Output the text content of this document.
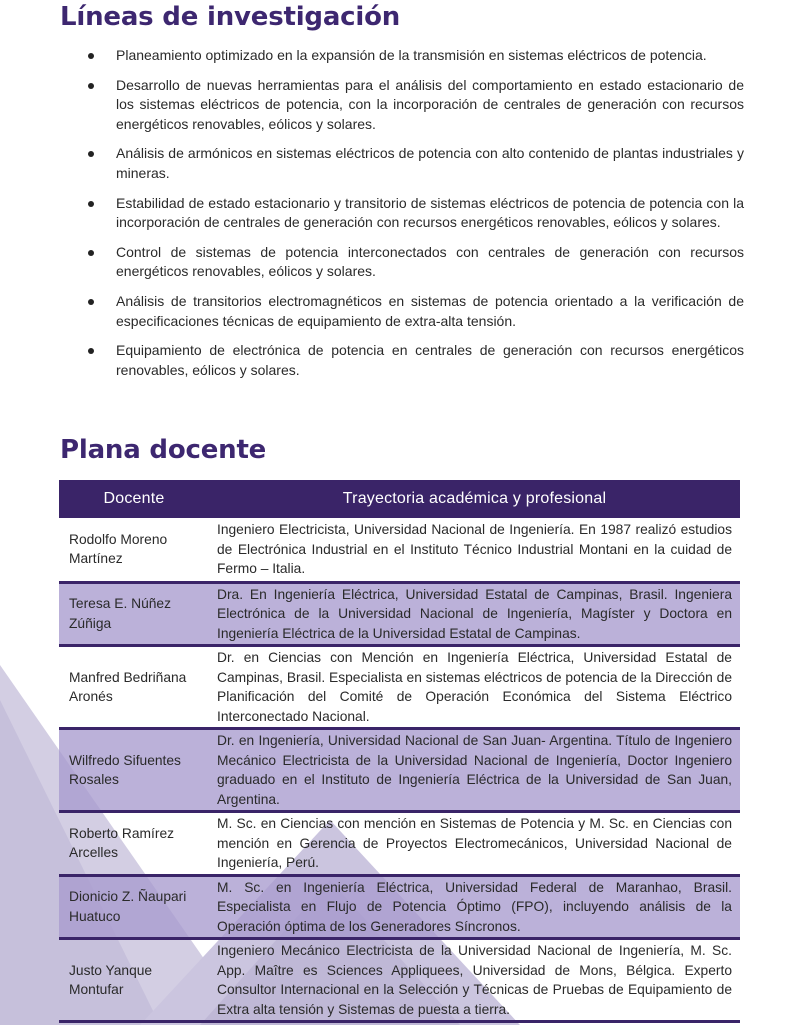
Líneas de investigación
Planeamiento optimizado en la expansión de la transmisión en sistemas eléctricos de potencia.
Desarrollo de nuevas herramientas para el análisis del comportamiento en estado estacionario de los sistemas eléctricos de potencia, con la incorporación de centrales de generación con recursos energéticos renovables, eólicos y solares.
Análisis de armónicos en sistemas eléctricos de potencia con alto contenido de plantas industriales y mineras.
Estabilidad de estado estacionario y transitorio de sistemas eléctricos de potencia de potencia con la incorporación de centrales de generación con recursos energéticos renovables, eólicos y solares.
Control de sistemas de potencia interconectados con centrales de generación con recursos energéticos renovables, eólicos y solares.
Análisis de transitorios electromagnéticos en sistemas de potencia orientado a la verificación de especificaciones técnicas de equipamiento de extra-alta tensión.
Equipamiento de electrónica de potencia en centrales de generación con recursos energéticos renovables, eólicos y solares.
Plana docente
Docente	Trayectoria académica y profesional
Rodolfo Moreno Martínez	Ingeniero Electricista, Universidad Nacional de Ingeniería. En 1987 realizó estudios de Electrónica Industrial en el Instituto Técnico Industrial Montani en la cuidad de Fermo – Italia.
Teresa E. Núñez Zúñiga	Dra. En Ingeniería Eléctrica, Universidad Estatal de Campinas, Brasil. Ingeniera Electrónica de la Universidad Nacional de Ingeniería, Magíster y Doctora en Ingeniería Eléctrica de la Universidad Estatal de Campinas.
Manfred Bedriñana Aronés	Dr. en Ciencias con Mención en Ingeniería Eléctrica, Universidad Estatal de Campinas, Brasil. Especialista en sistemas eléctricos de potencia de la Dirección de Planificación del Comité de Operación Económica del Sistema Eléctrico Interconectado Nacional.
Wilfredo Sifuentes Rosales	Dr. en Ingeniería, Universidad Nacional de San Juan- Argentina. Título de Ingeniero Mecánico Electricista de la Universidad Nacional de Ingeniería, Doctor Ingeniero graduado en el Instituto de Ingeniería Eléctrica de la Universidad de San Juan, Argentina.
Roberto Ramírez Arcelles	M. Sc. en Ciencias con mención en Sistemas de Potencia y M. Sc. en Ciencias con mención en Gerencia de Proyectos Electromecánicos, Universidad Nacional de Ingeniería, Perú.
Dionicio Z. Ñaupari Huatuco	M. Sc. en Ingeniería Eléctrica, Universidad Federal de Maranhao, Brasil. Especialista en Flujo de Potencia Óptimo (FPO), incluyendo análisis de la Operación óptima de los Generadores Síncronos.
Justo Yanque Montufar	Ingeniero Mecánico Electricista de la Universidad Nacional de Ingeniería, M. Sc. App. Maître es Sciences Appliquees, Universidad de Mons, Bélgica. Experto Consultor Internacional en la Selección y Técnicas de Pruebas de Equipamiento de Extra alta tensión y Sistemas de puesta a tierra.
